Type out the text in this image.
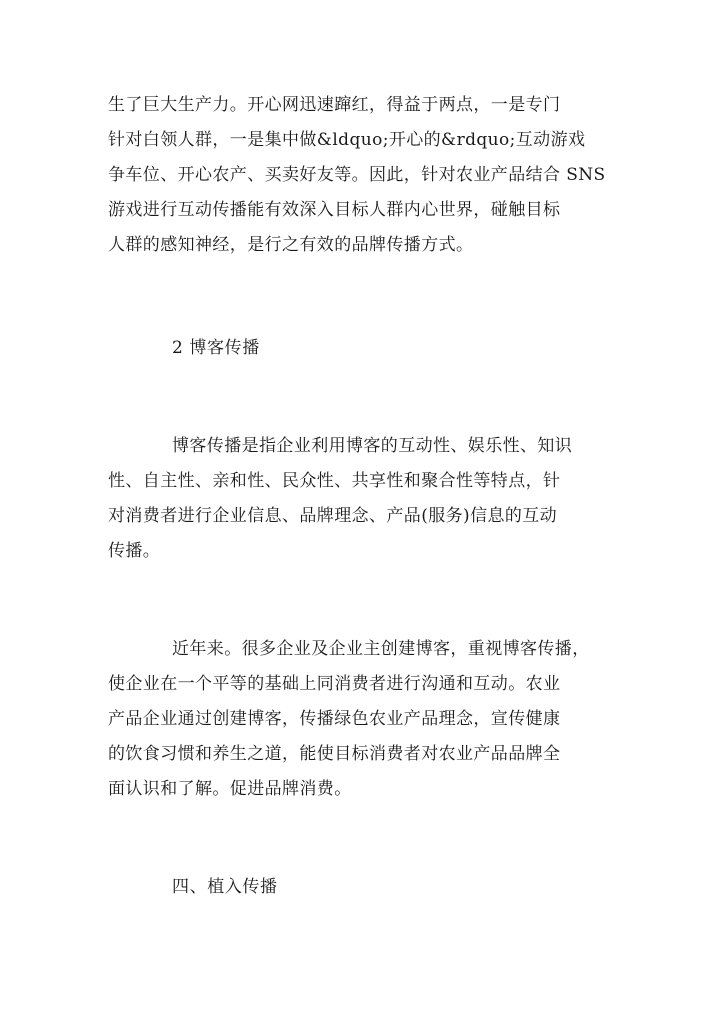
生了巨大生产力。开心网迅速蹿红，得益于两点，一是专门
针对白领人群，一是集中做&ldquo;开心的&rdquo;互动游戏
争车位、开心农产、买卖好友等。因此，针对农业产品结合 SNS
游戏进行互动传播能有效深入目标人群内心世界，碰触目标
人群的感知神经，是行之有效的品牌传播方式。
2 博客传播
博客传播是指企业利用博客的互动性、娱乐性、知识
性、自主性、亲和性、民众性、共享性和聚合性等特点，针
对消费者进行企业信息、品牌理念、产品(服务)信息的互动
传播。
近年来。很多企业及企业主创建博客，重视博客传播，
使企业在一个平等的基础上同消费者进行沟通和互动。农业
产品企业通过创建博客，传播绿色农业产品理念，宣传健康
的饮食习惯和养生之道，能使目标消费者对农业产品品牌全
面认识和了解。促进品牌消费。
四、植入传播
